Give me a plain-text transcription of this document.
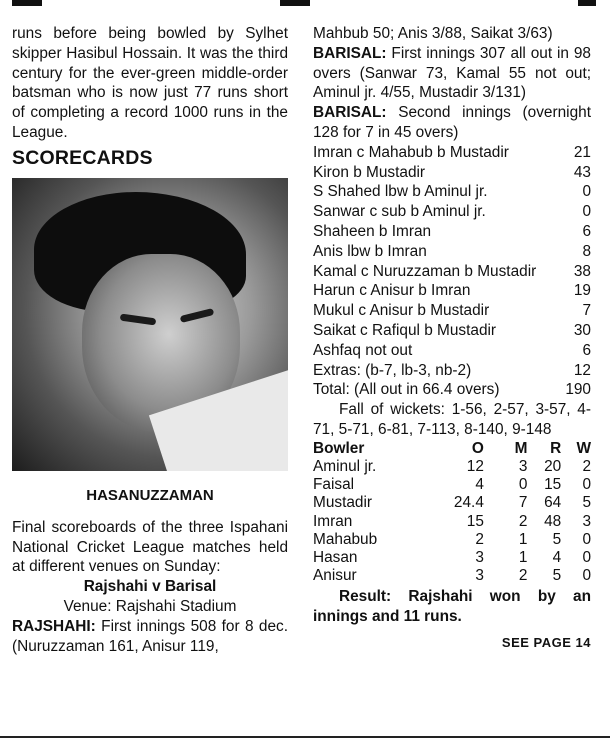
runs before being bowled by Sylhet skipper Hasibul Hossain. It was the third century for the ever-green middle-order batsman who is now just 77 runs short of completing a record 1000 runs in the League.

SCORECARDS
HASANUZZAMAN

Final scoreboards of the three Ispahani National Cricket League matches held at different venues on Sunday:

Rajshahi v Barisal

Venue: Rajshahi Stadium

RAJSHAHI: First innings 508 for 8 dec. (Nuruzzaman 161, Anisur 119,

Mahbub 50; Anis 3/88, Saikat 3/63)

BARISAL: First innings 307 all out in 98 overs (Sanwar 73, Kamal 55 not out; Aminul jr. 4/55, Mustadir 3/131)

BARISAL: Second innings (overnight 128 for 7 in 45 overs)

Imran c Mahabub b Mustadir	21
Kiron b Mustadir	43
S Shahed lbw b Aminul jr.	0
Sanwar c sub b Aminul jr.	0
Shaheen b Imran	6
Anis lbw b Imran	8
Kamal c Nuruzzaman b Mustadir 38
Harun c Anisur b Imran	19
Mukul c Anisur b Mustadir	7
Saikat c Rafiqul b Mustadir	30
Ashfaq not out	6
Extras: (b-7, lb-3, nb-2)	12
Total: (All out in 66.4 overs)	190

Fall of wickets: 1-56, 2-57, 3-57, 4-71, 5-71, 6-81, 7-113, 8-140, 9-148

Bowler	O	M	R	W
Aminul jr.	12	3	20	2
Faisal	4	0	15	0
Mustadir	24.4	7	64	5
Imran	15	2	48	3
Mahabub	2	1	5	0
Hasan	3	1	4	0
Anisur	3	2	5	0

Result: Rajshahi won by an innings and 11 runs.

SEE PAGE 14
